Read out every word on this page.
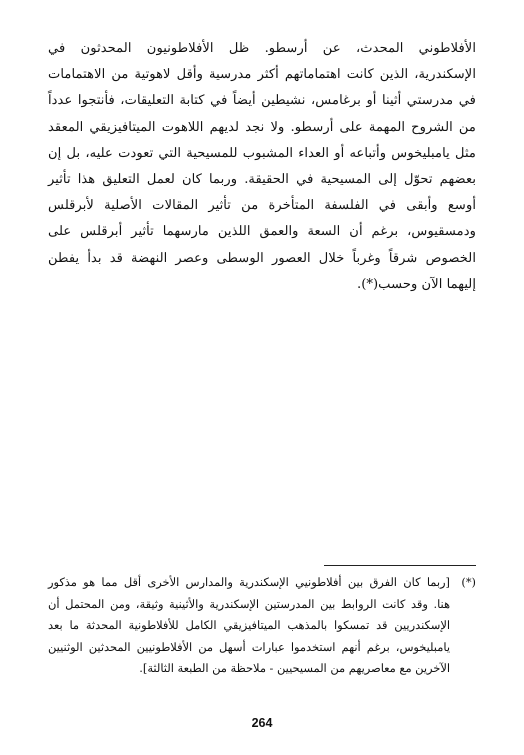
الأفلاطوني المحدث، عن أرسطو. ظل الأفلاطونيون المحدثون في
الإسكندرية، الذين كانت اهتماماتهم أكثر مدرسية وأقل لاهوتية من الاهتمامات
في مدرستي أثينا أو برغامس، نشيطين أيضاً في كتابة التعليقات، فأنتجوا عدداً
من الشروح المهمة على أرسطو. ولا نجد لديهم اللاهوت الميتافيزيقي المعقد
مثل يامبليخوس وأتباعه أو العداء المشبوب للمسيحية التي تعودت عليه، بل إن
بعضهم تحوّل إلى المسيحية في الحقيقة. وربما كان لعمل التعليق هذا تأثير
أوسع وأبقى في الفلسفة المتأخرة من تأثير المقالات الأصلية لأبرقلس
ودمسقيوس، برغم أن السعة والعمق اللذين مارسهما تأثير أبرقلس على
الخصوص شرقاً وغرباً خلال العصور الوسطى وعصر النهضة قد بدأ يفطن
إليهما الآن وحسب(*).
(*)[ربما كان الفرق بين أفلاطونيي الإسكندرية والمدارس الأخرى أقل مما هو مذكور
هنا. وقد كانت الروابط بين المدرستين الإسكندرية والأثينية وثيقة، ومن المحتمل أن
الإسكندريين قد تمسكوا بالمذهب الميتافيزيقي الكامل للأفلاطونية المحدثة ما بعد
يامبليخوس، برغم أنهم استخدموا عبارات أسهل من الأفلاطونيين المحدثين الوثنيين
الآخرين مع معاصريهم من المسيحيين - ملاحظة من الطبعة الثالثة].
264
